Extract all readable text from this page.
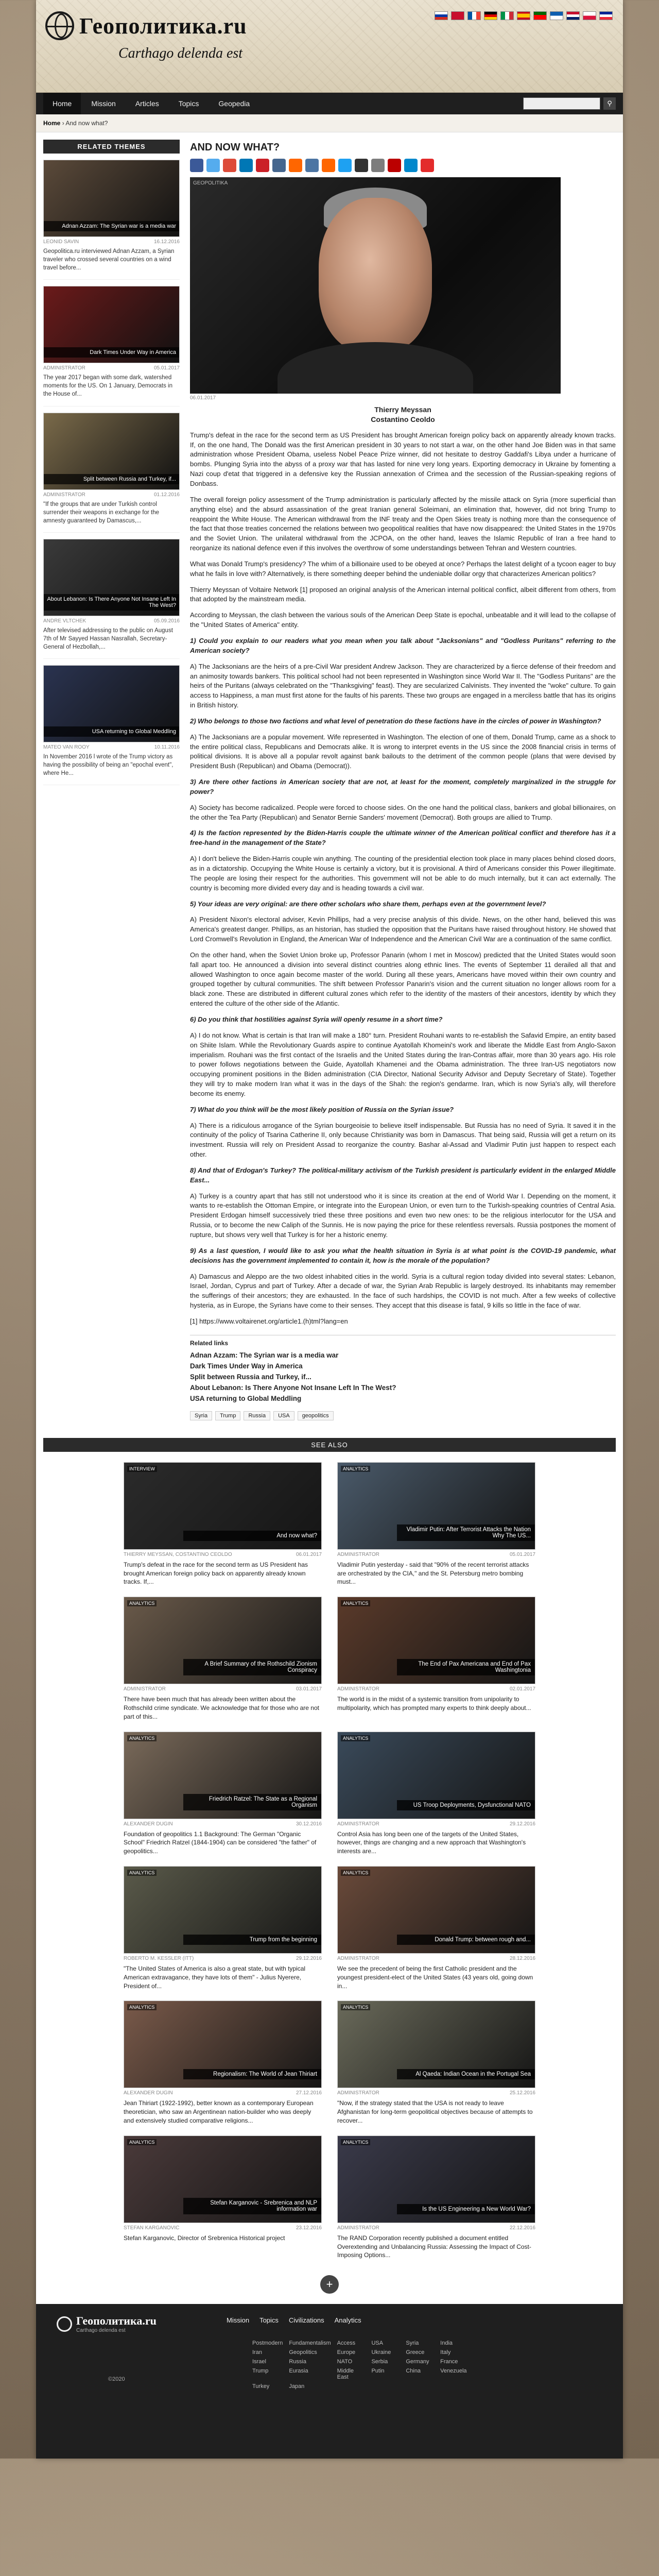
Геополитика.ru
Carthago delenda est
Home	Mission	Articles	Topics	Geopedia	⚲
Home › And now what?
RELATED THEMES
Adnan Azzam: The Syrian war is a media war
LEONID SAVIN	16.12.2016
Geopolitica.ru interviewed Adnan Azzam, a Syrian traveler who crossed several countries on a wind travel before...
Dark Times Under Way in America
ADMINISTRATOR	05.01.2017
The year 2017 began with some dark, watershed moments for the US. On 1 January, Democrats in the House of...
Split between Russia and Turkey, if...
ADMINISTRATOR	01.12.2016
"If the groups that are under Turkish control surrender their weapons in exchange for the amnesty guaranteed by Damascus,...
About Lebanon: Is There Anyone Not Insane Left In The West?
ANDRE VLTCHEK	05.09.2016
After televised addressing to the public on August 7th of Mr Sayyed Hassan Nasrallah, Secretary-General of Hezbollah,...
USA returning to Global Meddling
MATEO VAN ROOY	10.11.2016
In November 2016 l wrote of the Trump victory as having the possibility of being an "epochal event", where He...
AND NOW WHAT?
GEOPOLITIKA
06.01.2017
Thierry Meyssan
Costantino Ceoldo

Trump's defeat in the race for the second term as US President has brought American foreign policy back on apparently already known tracks. If, on the one hand, The Donald was the first American president in 30 years to not start a war, on the other hand Joe Biden was in that same administration whose President Obama, useless Nobel Peace Prize winner, did not hesitate to destroy Gaddafi's Libya under a hurricane of bombs. Plunging Syria into the abyss of a proxy war that has lasted for nine very long years. Exporting democracy in Ukraine by fomenting a Nazi coup d'etat that triggered in a defensive key the Russian annexation of Crimea and the secession of the Russian-speaking regions of Donbass.

The overall foreign policy assessment of the Trump administration is particularly affected by the missile attack on Syria (more superficial than anything else) and the absurd assassination of the great Iranian general Soleimani, an elimination that, however, did not bring Trump to reappoint the White House. The American withdrawal from the INF treaty and the Open Skies treaty is nothing more than the consequence of the fact that those treaties concerned the relations between two geopolitical realities that have now disappeared: the United States in the 1970s and the Soviet Union. The unilateral withdrawal from the JCPOA, on the other hand, leaves the Islamic Republic of Iran a free hand to reorganize its national defence even if this involves the overthrow of some understandings between Tehran and Western countries.

What was Donald Trump's presidency? The whim of a billionaire used to be obeyed at once? Perhaps the latest delight of a tycoon eager to buy what he fails in love with? Alternatively, is there something deeper behind the undeniable dollar orgy that characterizes American politics?

Thierry Meyssan of Voltaire Network [1] proposed an original analysis of the American internal political conflict, albeit different from others, from that adopted by the mainstream media.

According to Meyssan, the clash between the various souls of the American Deep State is epochal, unbeatable and it will lead to the collapse of the "United States of America" entity.

1) Could you explain to our readers what you mean when you talk about "Jacksonians" and "Godless Puritans" referring to the American society?

A) The Jacksonians are the heirs of a pre-Civil War president Andrew Jackson. They are characterized by a fierce defense of their freedom and an animosity towards bankers. This political school had not been represented in Washington since World War II. The "Godless Puritans" are the heirs of the Puritans (always celebrated on the "Thanksgiving" feast). They are secularized Calvinists. They invented the "woke" culture. To gain access to Happiness, a man must first atone for the faults of his parents. These two groups are engaged in a merciless battle that has its origins in British history.

2) Who belongs to those two factions and what level of penetration do these factions have in the circles of power in Washington?

A) The Jacksonians are a popular movement. Wife represented in Washington. The election of one of them, Donald Trump, came as a shock to the entire political class, Republicans and Democrats alike. It is wrong to interpret events in the US since the 2008 financial crisis in terms of political divisions. It is above all a popular revolt against bank bailouts to the detriment of the common people (plans that were devised by President Bush (Republican) and Obama (Democrat)).

3) Are there other factions in American society that are not, at least for the moment, completely marginalized in the struggle for power?

A) Society has become radicalized. People were forced to choose sides. On the one hand the political class, bankers and global billionaires, on the other the Tea Party (Republican) and Senator Bernie Sanders' movement (Democrat). Both groups are allied to Trump.

4) Is the faction represented by the Biden-Harris couple the ultimate winner of the American political conflict and therefore has it a free-hand in the management of the State?

A) I don't believe the Biden-Harris couple win anything. The counting of the presidential election took place in many places behind closed doors, as in a dictatorship. Occupying the White House is certainly a victory, but it is provisional. A third of Americans consider this Power illegitimate. The people are losing their respect for the authorities. This government will not be able to do much internally, but it can act externally. The country is becoming more divided every day and is heading towards a civil war.

5) Your ideas are very original: are there other scholars who share them, perhaps even at the government level?

A) President Nixon's electoral adviser, Kevin Phillips, had a very precise analysis of this divide. News, on the other hand, believed this was America's greatest danger. Phillips, as an historian, has studied the opposition that the Puritans have raised throughout history. He showed that Lord Cromwell's Revolution in England, the American War of Independence and the American Civil War are a continuation of the same conflict.

On the other hand, when the Soviet Union broke up, Professor Panarin (whom I met in Moscow) predicted that the United States would soon fall apart too. He announced a division into several distinct countries along ethnic lines. The events of September 11 derailed all that and allowed Washington to once again become master of the world. During all these years, Americans have moved within their own country and grouped together by cultural communities. The shift between Professor Panarin's vision and the current situation no longer allows room for a black zone. These are distributed in different cultural zones which refer to the identity of the masters of their ancestors, identity by which they entered the culture of the other side of the Atlantic.

6) Do you think that hostilities against Syria will openly resume in a short time?

A) I do not know. What is certain is that Iran will make a 180° turn. President Rouhani wants to re-establish the Safavid Empire, an entity based on Shiite Islam. While the Revolutionary Guards aspire to continue Ayatollah Khomeini's work and liberate the Middle East from Anglo-Saxon imperialism. Rouhani was the first contact of the Israelis and the United States during the Iran-Contras affair, more than 30 years ago. His role to power follows negotiations between the Guide, Ayatollah Khamenei and the Obama administration. The three Iran-US negotiators now occupying prominent positions in the Biden administration (CIA Director, National Security Advisor and Deputy Secretary of State). Together they will try to make modern Iran what it was in the days of the Shah: the region's gendarme. Iran, which is now Syria's ally, will therefore become its enemy.

7) What do you think will be the most likely position of Russia on the Syrian issue?

A) There is a ridiculous arrogance of the Syrian bourgeoisie to believe itself indispensable. But Russia has no need of Syria. It saved it in the continuity of the policy of Tsarina Catherine II, only because Christianity was born in Damascus. That being said, Russia will get a return on its investment. Russia will rely on President Assad to reorganize the country. Bashar al-Assad and Vladimir Putin just happen to respect each other.

8) And that of Erdogan's Turkey? The political-military activism of the Turkish president is particularly evident in the enlarged Middle East...

A) Turkey is a country apart that has still not understood who it is since its creation at the end of World War I. Depending on the moment, it wants to re-establish the Ottoman Empire, or integrate into the European Union, or even turn to the Turkish-speaking countries of Central Asia. President Erdogan himself successively tried these three positions and even two new ones: to be the religious interlocutor for the USA and Russia, or to become the new Caliph of the Sunnis. He is now paying the price for these relentless reversals. Russia postpones the moment of rupture, but shows very well that Turkey is for her a historic enemy.

9) As a last question, I would like to ask you what the health situation in Syria is at what point is the COVID-19 pandemic, what decisions has the government implemented to contain it, how is the morale of the population?

A) Damascus and Aleppo are the two oldest inhabited cities in the world. Syria is a cultural region today divided into several states: Lebanon, Israel, Jordan, Cyprus and part of Turkey. After a decade of war, the Syrian Arab Republic is largely destroyed. Its inhabitants may remember the sufferings of their ancestors; they are exhausted. In the face of such hardships, the COVID is not much. After a few weeks of collective hysteria, as in Europe, the Syrians have come to their senses. They accept that this disease is fatal, 9 kills so little in the face of war.

[1] https://www.voltairenet.org/article1.(h)tml?lang=en

Related links
Adnan Azzam: The Syrian war is a media war
Dark Times Under Way in America
Split between Russia and Turkey, if...
About Lebanon: Is There Anyone Not Insane Left In The West?
USA returning to Global Meddling
Syria	Trump	Russia	USA	geopolitics
SEE ALSO
INTERVIEW
And now what?
THIERRY MEYSSAN, COSTANTINO CEOLDO	06.01.2017
Trump's defeat in the race for the second term as US President has brought American foreign policy back on apparently already known tracks. If,...
ANALYTICS
Vladimir Putin: After Terrorist Attacks the Nation Why The US...
ADMINISTRATOR	05.01.2017
Vladimir Putin yesterday - said that "90% of the recent terrorist attacks are orchestrated by the CIA," and the St. Petersburg metro bombing must...
ANALYTICS
A Brief Summary of the Rothschild Zionism Conspiracy
ADMINISTRATOR	03.01.2017
There have been much that has already been written about the Rothschild crime syndicate. We acknowledge that for those who are not part of this...
ANALYTICS
The End of Pax Americana and End of Pax Washingtonia
ADMINISTRATOR	02.01.2017
The world is in the midst of a systemic transition from unipolarity to multipolarity, which has prompted many experts to think deeply about...
ANALYTICS
Friedrich Ratzel: The State as a Regional Organism
ALEXANDER DUGIN	30.12.2016
Foundation of geopolitics 1.1 Background: The German "Organic School" Friedrich Ratzel (1844-1904) can be considered "the father" of geopolitics...
ANALYTICS
US Troop Deployments, Dysfunctional NATO
ADMINISTRATOR	29.12.2016
Control Asia has long been one of the targets of the United States, however, things are changing and a new approach that Washington's interests are...
ANALYTICS
Trump from the beginning
ROBERTO M. KESSLER (ITT)	29.12.2016
"The United States of America is also a great state, but with typical American extravagance, they have lots of them" - Julius Nyerere, President of...
ANALYTICS
Donald Trump: between rough and...
ADMINISTRATOR	28.12.2016
We see the precedent of being the first Catholic president and the youngest president-elect of the United States (43 years old, going down in...
ANALYTICS
Regionalism: The World of Jean Thiriart
ALEXANDER DUGIN	27.12.2016
Jean Thiriart (1922-1992), better known as a contemporary European theoretician, who saw an Argentinean nation-builder who was deeply and extensively studied comparative religions...
ANALYTICS
Al Qaeda: Indian Ocean in the Portugal Sea
ADMINISTRATOR	25.12.2016
"Now, if the strategy stated that the USA is not ready to leave Afghanistan for long-term geopolitical objectives because of attempts to recover...
ANALYTICS
Stefan Karganovic - Srebrenica and NLP information war
STEFAN KARGANOVIC	23.12.2016
Stefan Karganovic, Director of Srebrenica Historical project
ANALYTICS
Is the US Engineering a New World War?
ADMINISTRATOR	22.12.2016
The RAND Corporation recently published a document entitled Overextending and Unbalancing Russia: Assessing the Impact of Cost-Imposing Options...
+
Геополитика.ru
Carthago delenda est
Mission Topics Civilizations Analytics
Postmodern Fundamentalism Access	USA	Syria	India
Iran	Geopolitics	Europe	Ukraine	Greece	Italy
Israel	Russia	NATO	Serbia	Germany	France
Trump	Eurasia	Middle East
Putin	China	Venezuela
Turkey	Japan
©2020
